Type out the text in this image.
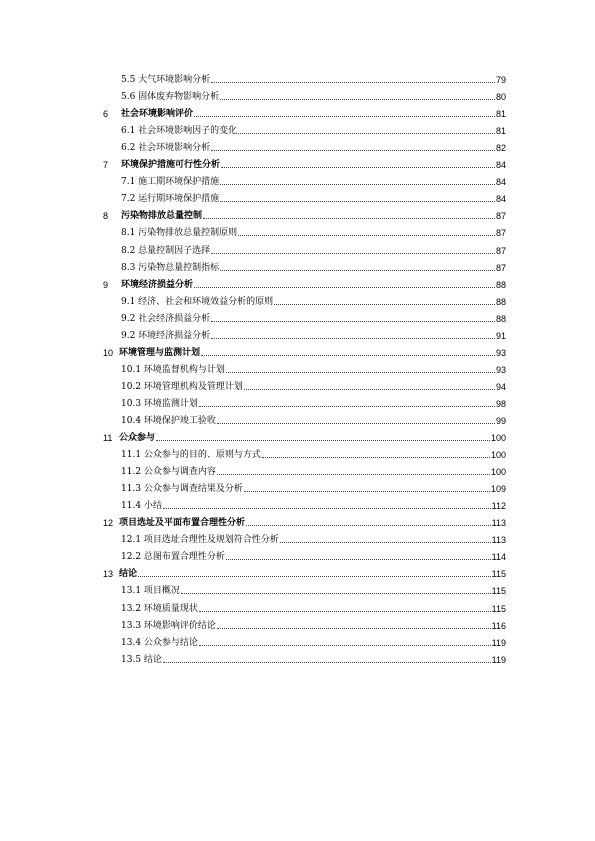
5.5 大气环境影响分析	79
5.6 固体废弃物影响分析	80
6	社会环境影响评价	81
6.1 社会环境影响因子的变化	81
6.2 社会环境影响分析	82
7	环境保护措施可行性分析	84
7.1 施工期环境保护措施	84
7.2 运行期环境保护措施	84
8	污染物排放总量控制	87
8.1 污染物排放总量控制原则	87
8.2 总量控制因子选择	87
8.3 污染物总量控制指标	87
9	环境经济损益分析	88
9.1 经济、社会和环境效益分析的原则	88
9.2 社会经济损益分析	88
9.2 环境经济损益分析	91
10 环境管理与监测计划	93
10.1 环境监督机构与计划	93
10.2 环境管理机构及管理计划	94
10.3 环境监测计划	98
10.4 环境保护竣工验收	99
11 公众参与	100
11.1 公众参与的目的、原则与方式	100
11.2 公众参与调查内容	100
11.3 公众参与调查结果及分析	109
11.4 小结	112
12 项目选址及平面布置合理性分析	113
12.1 项目选址合理性及规划符合性分析	113
12.2 总图布置合理性分析	114
13 结论	115
13.1 项目概况	115
13.2 环境质量现状	115
13.3 环境影响评价结论	116
13.4 公众参与结论	119
13.5 结论	119
